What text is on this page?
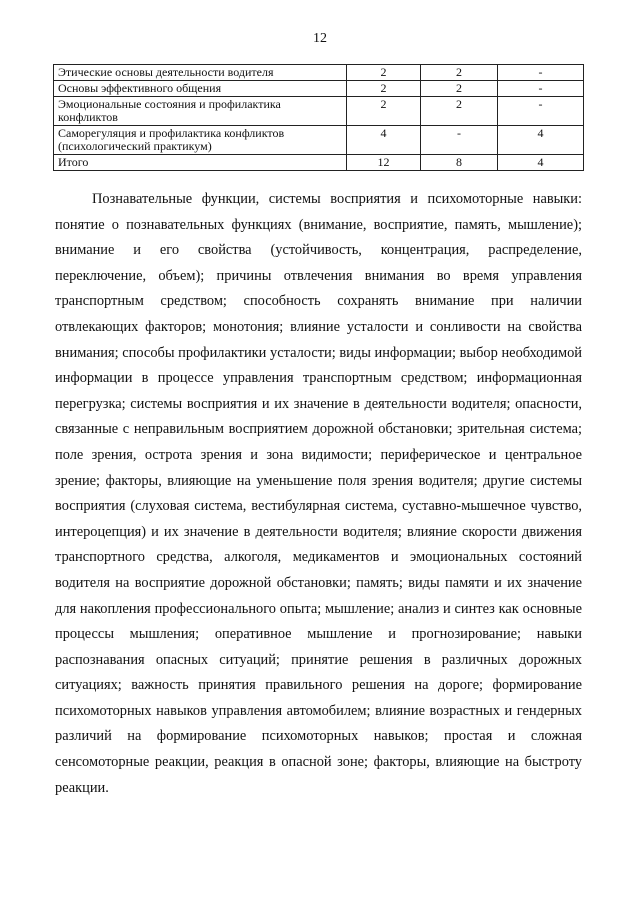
12
Этические основы деятельности водителя	2	2	-
Основы эффективного общения	2	2	-
Эмоциональные состояния и профилактика конфликтов	2	2	-
Саморегуляция и профилактика конфликтов (психологический практикум)	4	-	4
Итого	12	8	4

Познавательные функции, системы восприятия и психомоторные навыки: понятие о познавательных функциях (внимание, восприятие, память, мышление); внимание и его свойства (устойчивость, концентрация, распределение, переключение, объем); причины отвлечения внимания во время управления транспортным средством; способность сохранять внимание при наличии отвлекающих факторов; монотония; влияние усталости и сонливости на свойства внимания; способы профилактики усталости; виды информации; выбор необходимой информации в процессе управления транспортным средством; информационная перегрузка; системы восприятия и их значение в деятельности водителя; опасности, связанные с неправильным восприятием дорожной обстановки; зрительная система; поле зрения, острота зрения и зона видимости; периферическое и центральное зрение; факторы, влияющие на уменьшение поля зрения водителя; другие системы восприятия (слуховая система, вестибулярная система, суставно-мышечное чувство, интероцепция) и их значение в деятельности водителя; влияние скорости движения транспортного средства, алкоголя, медикаментов и эмоциональных состояний водителя на восприятие дорожной обстановки; память; виды памяти и их значение для накопления профессионального опыта; мышление; анализ и синтез как основные процессы мышления; оперативное мышление и прогнозирование; навыки распознавания опасных ситуаций; принятие решения в различных дорожных ситуациях; важность принятия правильного решения на дороге; формирование психомоторных навыков управления автомобилем; влияние возрастных и гендерных различий на формирование психомоторных навыков; простая и сложная сенсомоторные реакции, реакция в опасной зоне; факторы, влияющие на быстроту реакции.
